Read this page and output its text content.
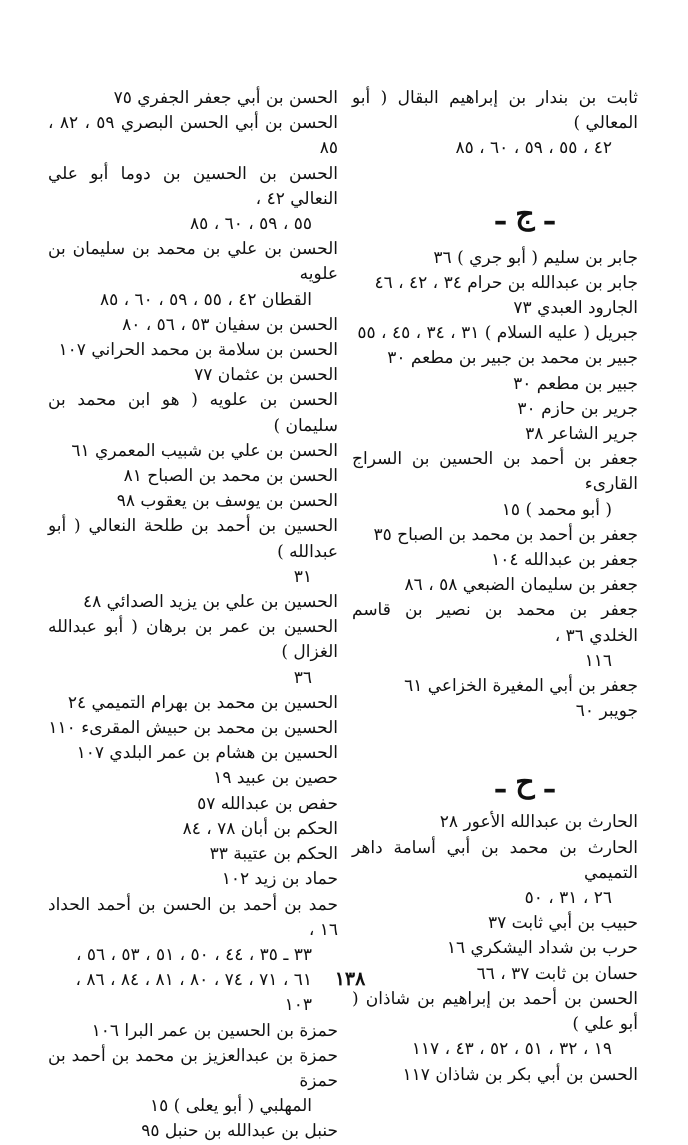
ثابت بن بندار بن إبراهيم البقال ( أبو المعالي )
٤٢ ، ٥٥ ، ٥٩ ، ٦٠ ، ٨٥
ـ ج ـ
جابر بن سليم ( أبو جري ) ٣٦
جابر بن عبدالله بن حرام ٣٤ ، ٤٢ ، ٤٦
الجارود العبدي ٧٣
جبريل ( عليه السلام ) ٣١ ، ٣٤ ، ٤٥ ، ٥٥
جبير بن محمد بن جبير بن مطعم ٣٠
جبير بن مطعم ٣٠
جرير بن حازم ٣٠
جرير الشاعر ٣٨
جعفر بن أحمد بن الحسين بن السراج القارىء
( أبو محمد ) ١٥
جعفر بن أحمد بن محمد بن الصباح ٣٥
جعفر بن عبدالله ١٠٤
جعفر بن سليمان الضبعي ٥٨ ، ٨٦
جعفر بن محمد بن نصير بن قاسم الخلدي ٣٦ ،
١١٦
جعفر بن أبي المغيرة الخزاعي ٦١
جويبر ٦٠
ـ ح ـ
الحارث بن عبدالله الأعور ٢٨
الحارث بن محمد بن أبي أسامة داهر التميمي
٢٦ ، ٣١ ، ٥٠
حبيب بن أبي ثابت ٣٧
حرب بن شداد اليشكري ١٦
حسان بن ثابت ٣٧ ، ٦٦
الحسن بن أحمد بن إبراهيم بن شاذان ( أبو علي )
١٩ ، ٣٢ ، ٥١ ، ٥٢ ، ٤٣ ، ١١٧
الحسن بن أبي بكر بن شاذان ١١٧
الحسن بن أبي جعفر الجفري ٧٥
الحسن بن أبي الحسن البصري ٥٩ ، ٨٢ ، ٨٥
الحسن بن الحسين بن دوما أبو علي النعالي ٤٢ ،
٥٥ ، ٥٩ ، ٦٠ ، ٨٥
الحسن بن علي بن محمد بن سليمان بن علويه
القطان ٤٢ ، ٥٥ ، ٥٩ ، ٦٠ ، ٨٥
الحسن بن سفيان ٥٣ ، ٥٦ ، ٨٠
الحسن بن سلامة بن محمد الحراني ١٠٧
الحسن بن عثمان ٧٧
الحسن بن علويه ( هو ابن محمد بن سليمان )
الحسن بن علي بن شبيب المعمري ٦١
الحسن بن محمد بن الصباح ٨١
الحسن بن يوسف بن يعقوب ٩٨
الحسين بن أحمد بن طلحة النعالي ( أبو عبدالله )
٣١
الحسين بن علي بن يزيد الصدائي ٤٨
الحسين بن عمر بن برهان ( أبو عبدالله الغزال )
٣٦
الحسين بن محمد بن بهرام التميمي ٢٤
الحسين بن محمد بن حبيش المقرىء ١١٠
الحسين بن هشام بن عمر البلدي ١٠٧
حصين بن عبيد ١٩
حفص بن عبدالله ٥٧
الحكم بن أبان ٧٨ ، ٨٤
الحكم بن عتيبة ٣٣
حماد بن زيد ١٠٢
حمد بن أحمد بن الحسن بن أحمد الحداد ١٦ ،
٣٣ ـ ٣٥ ، ٤٤ ، ٥٠ ، ٥١ ، ٥٣ ، ٥٦ ،
٦١ ، ٧١ ، ٧٤ ، ٨٠ ، ٨١ ، ٨٤ ، ٨٦ ،
١٠٣
حمزة بن الحسين بن عمر البرا ١٠٦
حمزة بن عبدالعزيز بن محمد بن أحمد بن حمزة
المهلبي ( أبو يعلى ) ١٥
حنبل بن عبدالله بن حنبل ٩٥
١٣٨
